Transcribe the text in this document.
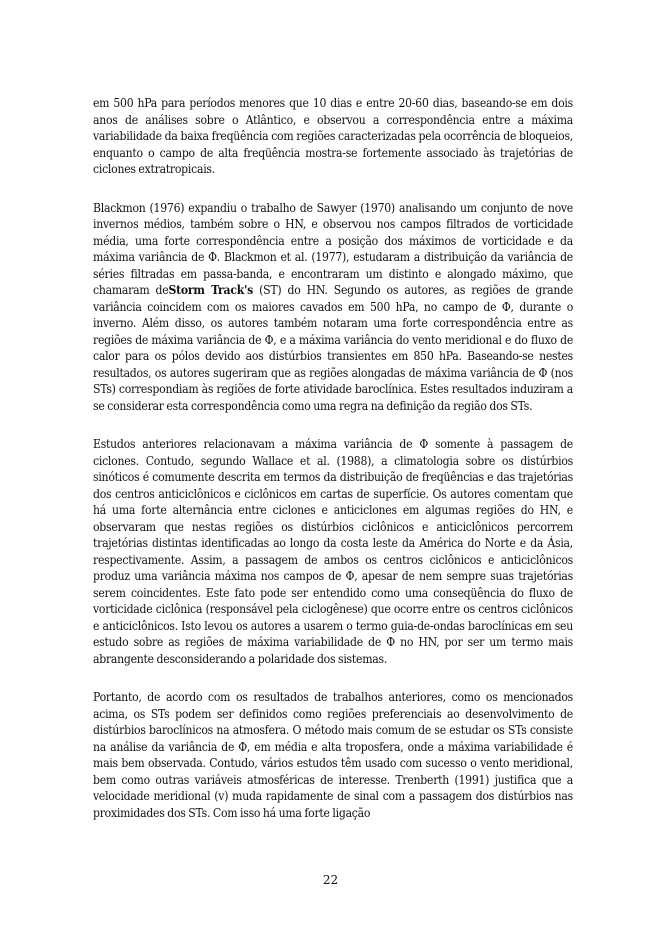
em 500 hPa para períodos menores que 10 dias e entre 20-60 dias, baseando-se em dois anos de análises sobre o Atlântico, e observou a correspondência entre a máxima variabilidade da baixa freqüência com regiões caracterizadas pela ocorrência de bloqueios, enquanto o campo de alta freqüência mostra-se fortemente associado às trajetórias de ciclones extratropicais.

Blackmon (1976) expandiu o trabalho de Sawyer (1970) analisando um conjunto de nove invernos médios, também sobre o HN, e observou nos campos filtrados de vorticidade média, uma forte correspondência entre a posição dos máximos de vorticidade e da máxima variância de Φ. Blackmon et al. (1977), estudaram a distribuição da variância de séries filtradas em passa-banda, e encontraram um distinto e alongado máximo, que chamaram deStorm Track's (ST) do HN. Segundo os autores, as regiões de grande variância coincidem com os maiores cavados em 500 hPa, no campo de Φ, durante o inverno. Além disso, os autores também notaram uma forte correspondência entre as regiões de máxima variância de Φ, e a máxima variância do vento meridional e do fluxo de calor para os pólos devido aos distúrbios transientes em 850 hPa. Baseando-se nestes resultados, os autores sugeriram que as regiões alongadas de máxima variância de Φ (nos STs) correspondiam às regiões de forte atividade baroclínica. Estes resultados induziram a se considerar esta correspondência como uma regra na definição da região dos STs.

Estudos anteriores relacionavam a máxima variância de Φ somente à passagem de ciclones. Contudo, segundo Wallace et al. (1988), a climatologia sobre os distúrbios sinóticos é comumente descrita em termos da distribuição de freqüências e das trajetórias dos centros anticiclônicos e ciclônicos em cartas de superfície. Os autores comentam que há uma forte alternância entre ciclones e anticiclones em algumas regiões do HN, e observaram que nestas regiões os distúrbios ciclônicos e anticiclônicos percorrem trajetórias distintas identificadas ao longo da costa leste da América do Norte e da Ásia, respectivamente. Assim, a passagem de ambos os centros ciclônicos e anticiclônicos produz uma variância máxima nos campos de Φ, apesar de nem sempre suas trajetórias serem coincidentes. Este fato pode ser entendido como uma conseqüência do fluxo de vorticidade ciclônica (responsável pela ciclogênese) que ocorre entre os centros ciclônicos e anticiclônicos. Isto levou os autores a usarem o termo guia-de-ondas baroclínicas em seu estudo sobre as regiões de máxima variabilidade de Φ no HN, por ser um termo mais abrangente desconsiderando a polaridade dos sistemas.

Portanto, de acordo com os resultados de trabalhos anteriores, como os mencionados acima, os STs podem ser definidos como regiões preferenciais ao desenvolvimento de distúrbios baroclínicos na atmosfera. O método mais comum de se estudar os STs consiste na análise da variância de Φ, em média e alta troposfera, onde a máxima variabilidade é mais bem observada. Contudo, vários estudos têm usado com sucesso o vento meridional, bem como outras variáveis atmosféricas de interesse. Trenberth (1991) justifica que a velocidade meridional (v) muda rapidamente de sinal com a passagem dos distúrbios nas proximidades dos STs. Com isso há uma forte ligação

22
